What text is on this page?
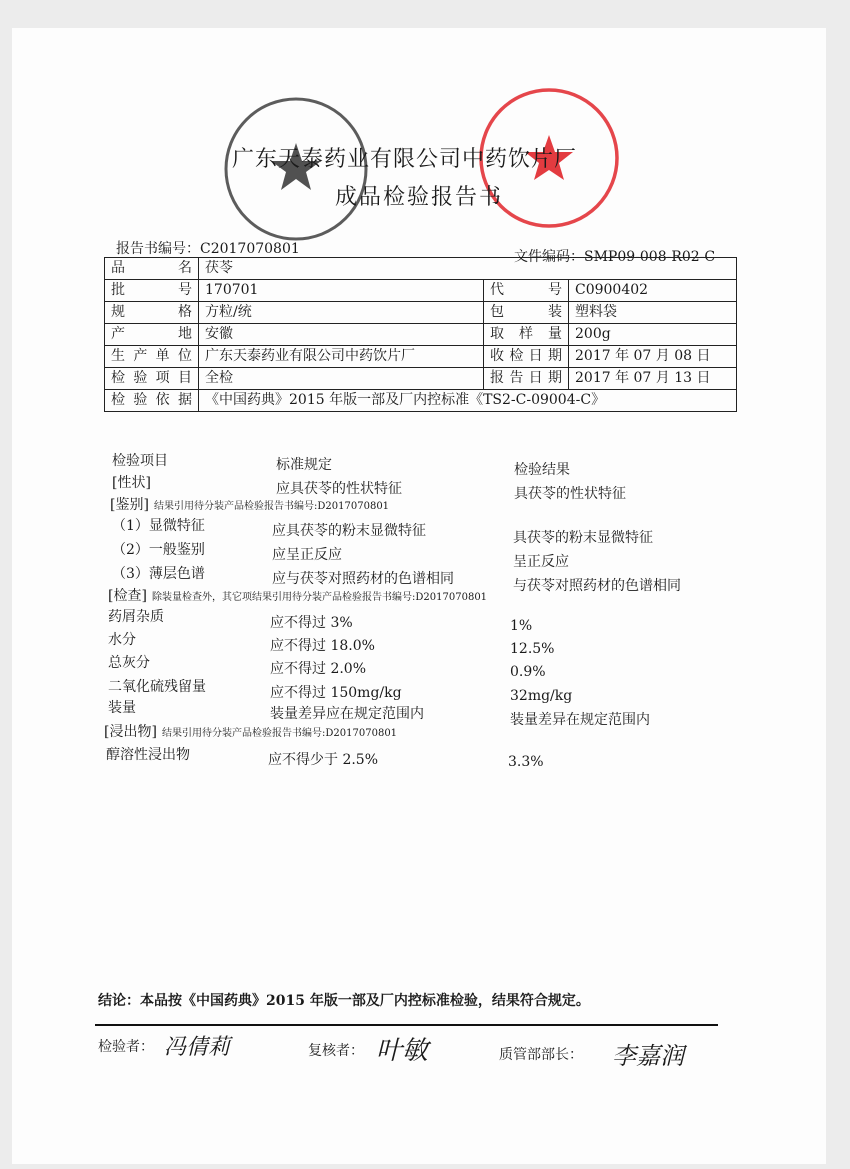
广东天泰药业有限公司中药饮片厂
成品检验报告书
报告书编号：C2017070801	文件编码：SMP09-008-R02-C
品　名	茯苓		
批　号	170701	代　号	C0900402
规　格	方粒/统	包　装	塑料袋
产　地	安徽	取样量	200g
生产单位	广东天泰药业有限公司中药饮片厂	收检日期	2017 年 07 月 08 日
检验项目	全检	报告日期	2017 年 07 月 13 日
检验依据	《中国药典》2015 年版一部及厂内控标准《TS2-C-09004-C》		
检验项目	标准规定	检验结果
[性状]	应具茯苓的性状特征	具茯苓的性状特征
[鉴别] 结果引用待分装产品检验报告书编号:D2017070801
（1）显微特征	应具茯苓的粉末显微特征	具茯苓的粉末显微特征
（2）一般鉴别	应呈正反应	呈正反应
（3）薄层色谱	应与茯苓对照药材的色谱相同	与茯苓对照药材的色谱相同
[检查] 除装量检查外，其它项结果引用待分装产品检验报告书编号:D2017070801
药屑杂质	应不得过 3%	1%
水分	应不得过 18.0%	12.5%
总灰分	应不得过 2.0%	0.9%
二氧化硫残留量	应不得过 150mg/kg	32mg/kg
装量	装量差异应在规定范围内	装量差异在规定范围内
[浸出物] 结果引用待分装产品检验报告书编号:D2017070801
醇溶性浸出物	应不得少于 2.5%	3.3%
结论：本品按《中国药典》2015 年版一部及厂内控标准检验，结果符合规定。
检验者： 冯倩莉	复核者： 叶敏	质管部部长： 李嘉润
